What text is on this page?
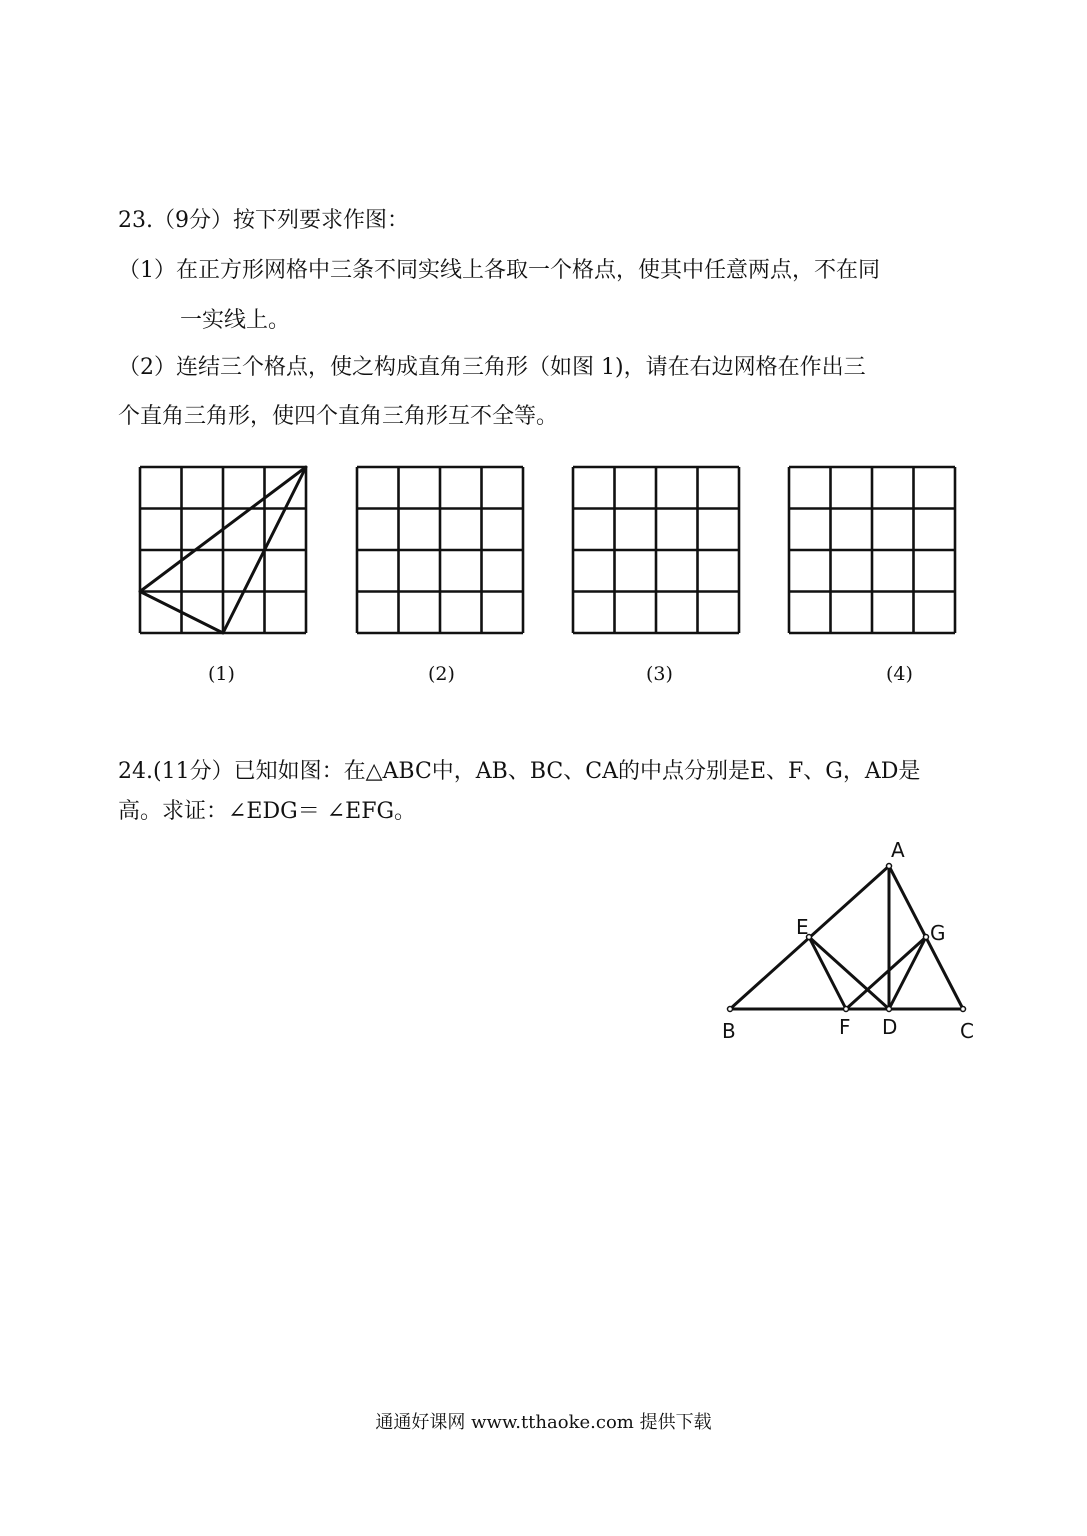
23.（9分）按下列要求作图：
（1）在正方形网格中三条不同实线上各取一个格点，使其中任意两点，不在同
一实线上。
（2）连结三个格点，使之构成直角三角形（如图 1)，请在右边网格在作出三
个直角三角形，使四个直角三角形互不全等。
(1)	(2)	(3)	(4)
24.(11分）已知如图：在△ABC中，AB、BC、CA的中点分别是E、F、G，AD是
高。求证：∠EDG＝ ∠EFG。
A
B	C
D
E
F
G
通通好课网 www.tthaoke.com 提供下载
